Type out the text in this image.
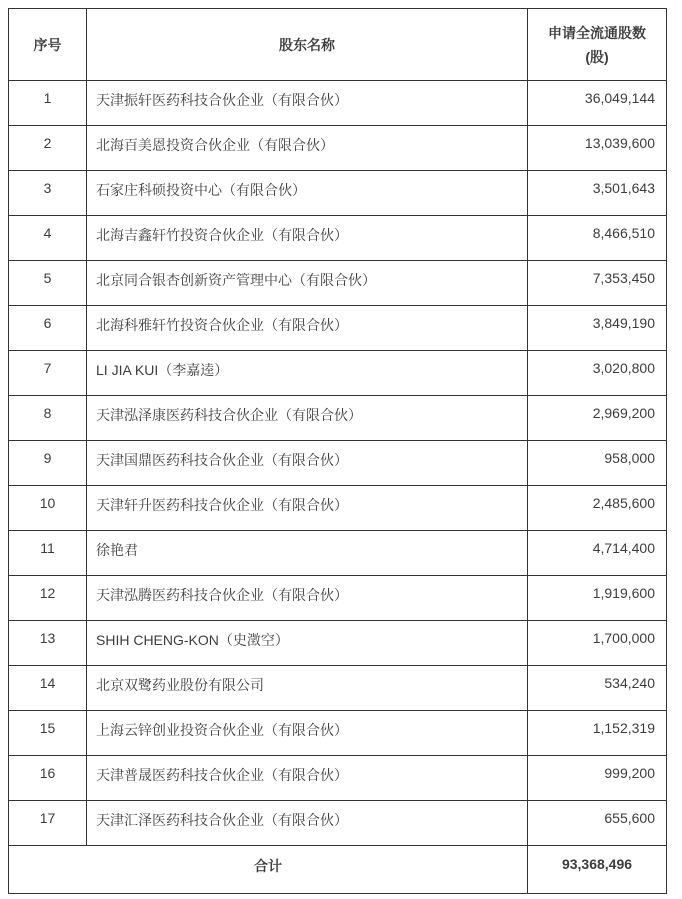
序号	股东名称	申请全流通股数
(股)

1	天津振轩医药科技合伙企业（有限合伙）	36,049,144
2	北海百美恩投资合伙企业（有限合伙）	13,039,600
3	石家庄科硕投资中心（有限合伙）	3,501,643
4	北海吉鑫轩竹投资合伙企业（有限合伙）	8,466,510
5	北京同合银杏创新资产管理中心（有限合伙）	7,353,450
6	北海科雅轩竹投资合伙企业（有限合伙）	3,849,190
7	LI JIA KUI（李嘉逵）	3,020,800
8	天津泓泽康医药科技合伙企业（有限合伙）	2,969,200
9	天津国鼎医药科技合伙企业（有限合伙）	958,000
10	天津轩升医药科技合伙企业（有限合伙）	2,485,600
11	徐艳君	4,714,400
12	天津泓腾医药科技合伙企业（有限合伙）	1,919,600
13	SHIH CHENG-KON（史澂空）	1,700,000
14	北京双鹭药业股份有限公司	534,240
15	上海云锌创业投资合伙企业（有限合伙）	1,152,319
16	天津普晟医药科技合伙企业（有限合伙）	999,200
17	天津汇泽医药科技合伙企业（有限合伙）	655,600
合计		93,368,496
